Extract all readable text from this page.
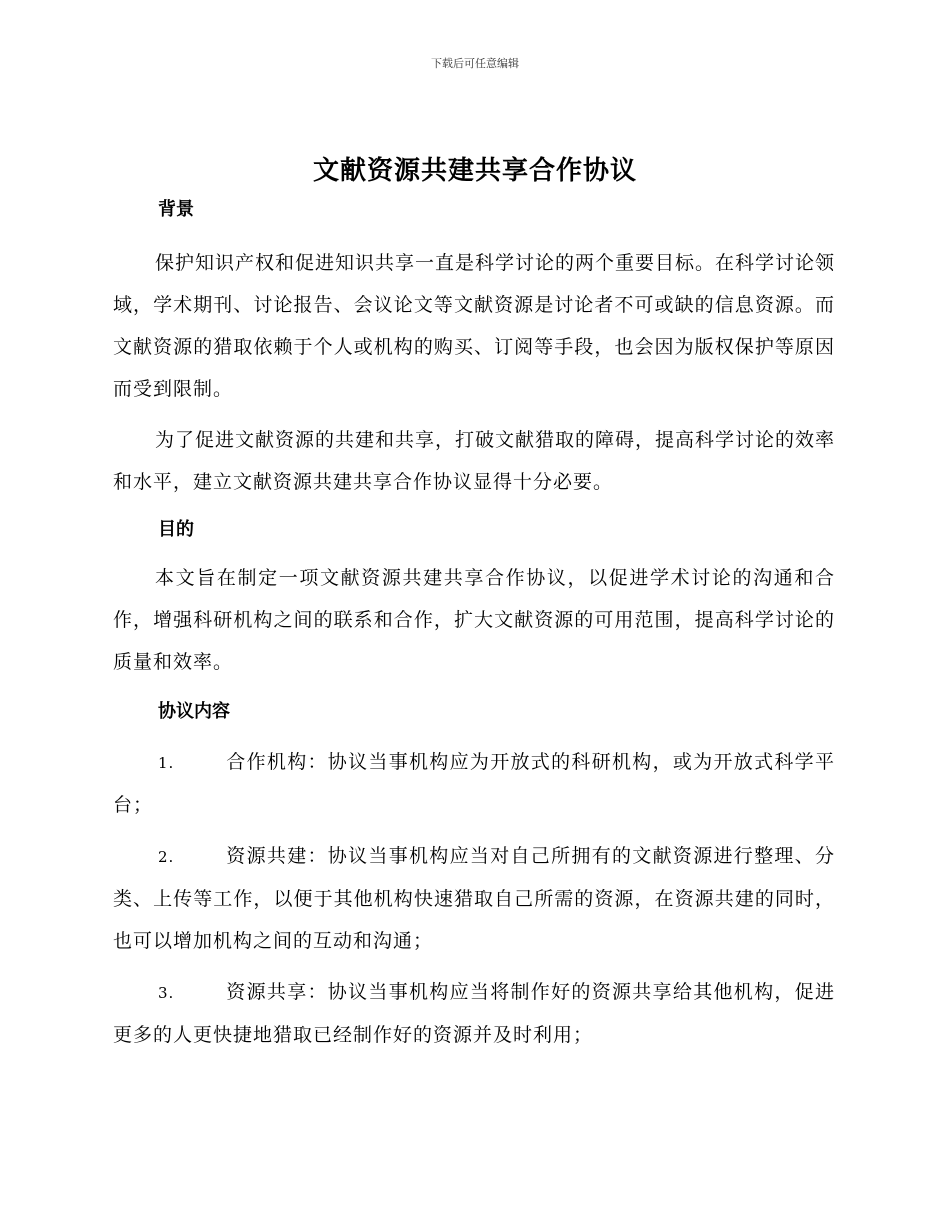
下载后可任意编辑
文献资源共建共享合作协议

背景

保护知识产权和促进知识共享一直是科学讨论的两个重要目标。在科学讨论领域，学术期刊、讨论报告、会议论文等文献资源是讨论者不可或缺的信息资源。而文献资源的猎取依赖于个人或机构的购买、订阅等手段，也会因为版权保护等原因而受到限制。

为了促进文献资源的共建和共享，打破文献猎取的障碍，提高科学讨论的效率和水平，建立文献资源共建共享合作协议显得十分必要。

目的

本文旨在制定一项文献资源共建共享合作协议，以促进学术讨论的沟通和合作，增强科研机构之间的联系和合作，扩大文献资源的可用范围，提高科学讨论的质量和效率。

协议内容

1.	合作机构：协议当事机构应为开放式的科研机构，或为开放式科学平台；

2.	资源共建：协议当事机构应当对自己所拥有的文献资源进行整理、分类、上传等工作，以便于其他机构快速猎取自己所需的资源，在资源共建的同时，也可以增加机构之间的互动和沟通；

3.	资源共享：协议当事机构应当将制作好的资源共享给其他机构，促进更多的人更快捷地猎取已经制作好的资源并及时利用；
